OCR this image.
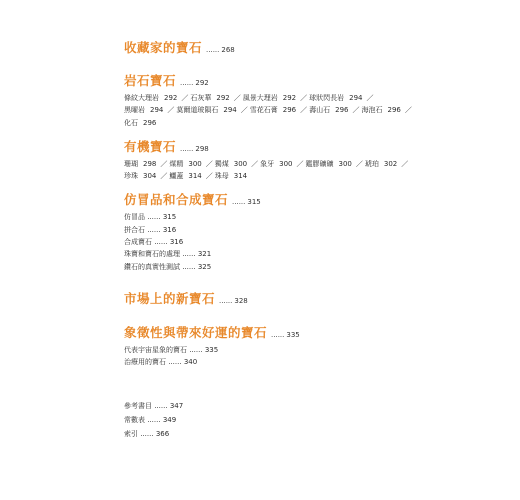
收藏家的寶石 ...... 268
岩石寶石 ...... 292
條紋大理岩 292 ／ 石灰華 292 ／ 風景大理岩 292 ／ 球狀閃長岩 294 ／黑曜岩 294 ／ 莫爾道玻隕石 294 ／ 雪花石膏 296 ／ 壽山石 296 ／ 海泡石 296 ／化石 296
有機寶石 ...... 298
珊瑚 298 ／ 煤精 300 ／ 獨煤 300 ／ 象牙 300 ／ 鑑膠礦礦 300 ／ 琥珀 302 ／珍珠 304 ／ 鱷蓋 314 ／ 珠母 314
仿冒品和合成寶石 ...... 315
仿冒品 ...... 315
拼合石 ...... 316
合成寶石 ...... 316
珠寶和寶石的處理 ...... 321
鑽石的真實性測試 ...... 325
市場上的新寶石 ...... 328
象徵性與帶來好運的寶石 ...... 335
代表宇宙星象的寶石 ...... 335
治療用的寶石 ...... 340
參考書目 ...... 347
常數表 ...... 349
索引 ...... 366
